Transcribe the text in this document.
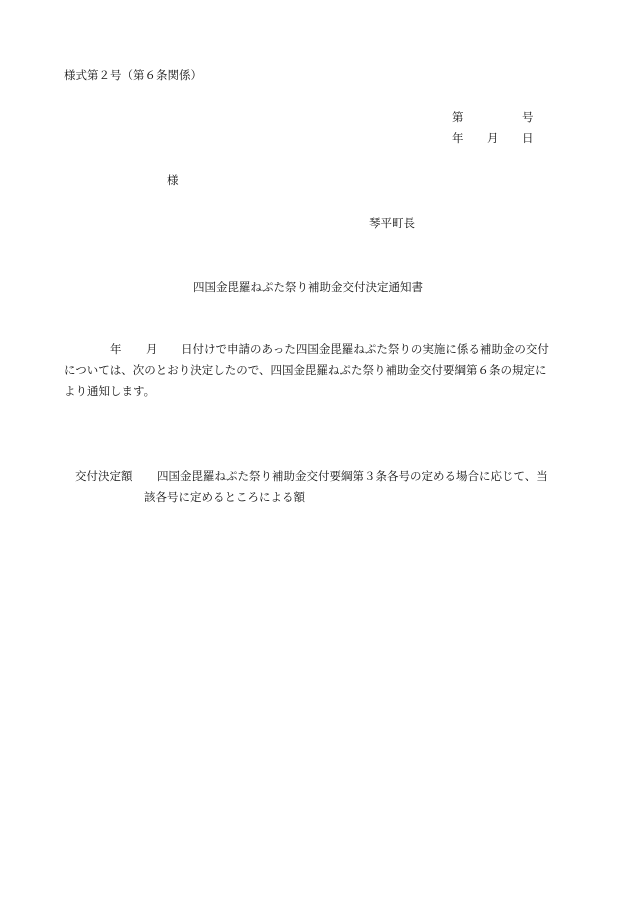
様式第２号（第６条関係）
第	号
年 月 日
様
琴平町長
四国金毘羅ねぷた祭り補助金交付決定通知書
年 月 日付けで申請のあった四国金毘羅ねぷた祭りの実施に係る補助金の交付
については、次のとおり決定したので、四国金毘羅ねぷた祭り補助金交付要綱第６条の規定に
より通知します。
交付決定額 四国金毘羅ねぷた祭り補助金交付要綱第３条各号の定める場合に応じて、当
該各号に定めるところによる額
